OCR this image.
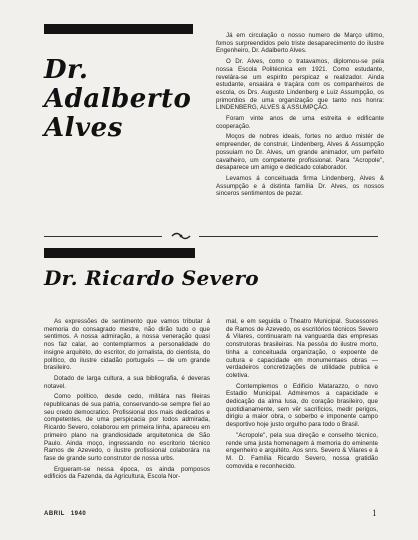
Dr.
Adalberto
Alves

Já em circulação o nosso numero de Março ultimo, fomos surpreendidos pelo triste desaparecimento do ilustre Engenheiro, Dr. Adalberto Alves.

O Dr. Alves, como o tratavamos, diplomou-se pela nossa Escola Politécnica em 1921. Como estudante, revelára-se um espirito perspicaz e realizador. Ainda estudante, ensaiára e traçára com os companheiros de escola, os Drs. Augusto Lindenberg e Luiz Assumpção, os primordios de uma organização que tanto nos honra: LINDENBERG, ALVES & ASSUMPÇÃO.

Foram vinte anos de uma estreita e edificante cooperação.

Moços de nobres ideais, fortes no arduo mistér de empreender, de construir, Lindenberg, Alves & Assumpção possuiam no Dr. Alves, um grande animador, um perfeito cavalheiro, um competente profissional. Para "Acropole", desaparece um amigo e dedicado colaborador.

Levamos á conceituada firma Lindenberg, Alves & Assumpção e á distinta família Dr. Alves, os nossos sinceros sentimentos de pezar.

Dr. Ricardo Severo

As expressões de sentimento que vamos tributar á memoria do consagrado mestre, não dirão tudo o que sentimos. A nossa admiração, a nossa veneração quasi nos faz calar, ao contemplarmos a personalidade do insigne arquitéto, do escritor, do jornalista, do cientista, do político, do ilustre cidadão português — de um grande brasileiro.

Dotado de larga cultura, a sua bibliografia, é deveras notavel.

Como político, desde cedo, militára nas fileiras republicanas de sua patria, conservando-se sempre fiel ao seu credo democratico. Profissional dos mais dedicados e competentes, de uma perspicacia por todos admirada, Ricardo Severo, colaborou em primeira linha, apareceu em primeiro plano na grandiosidade arquitetonica de São Paulo. Ainda moço, ingressando no escritorio técnico Ramos de Azevedo, o ilustre profissional colaborára na fase de grande surto construtor de nossa urbs.

Ergueram-se nessa época, os ainda pomposos edificios da Fazenda, da Agricultura, Escola Nor-

mal, e em seguida o Theatro Municipal. Sucessores de Ramos de Azevedo, os escritórios técnicos Severo & Vilares, continuaram na vanguarda das empresas construtoras brasileiras. Na pessôa do ilustre morto, tinha a conceituada organização, o expoente de cultura e capacidade em monumentaes obras — verdadeiros concretizações de utilidade publica e coletiva.

Contemplemos o Edificio Matarazzo, o novo Estadio Municipal. Admiremos a capacidade e dedicação da alma lusa, do coração brasileiro, que quotidianamente, sem vêr sacrificios, medir perigos, dirigiu a maior obra, o soberbo e imponente campo desportivo hoje justo orgulho para todo o Brasil.

"Acropole", pela sua direção e conselho técnico, rende uma justa homenagem á memoria do eminente engenheiro e arquitéto. Aos snrs. Severo & Vilares e á M. D. Família Ricardo Severo, nossa gratidão comovida e reconhecido.

ABRIL 1940	1
